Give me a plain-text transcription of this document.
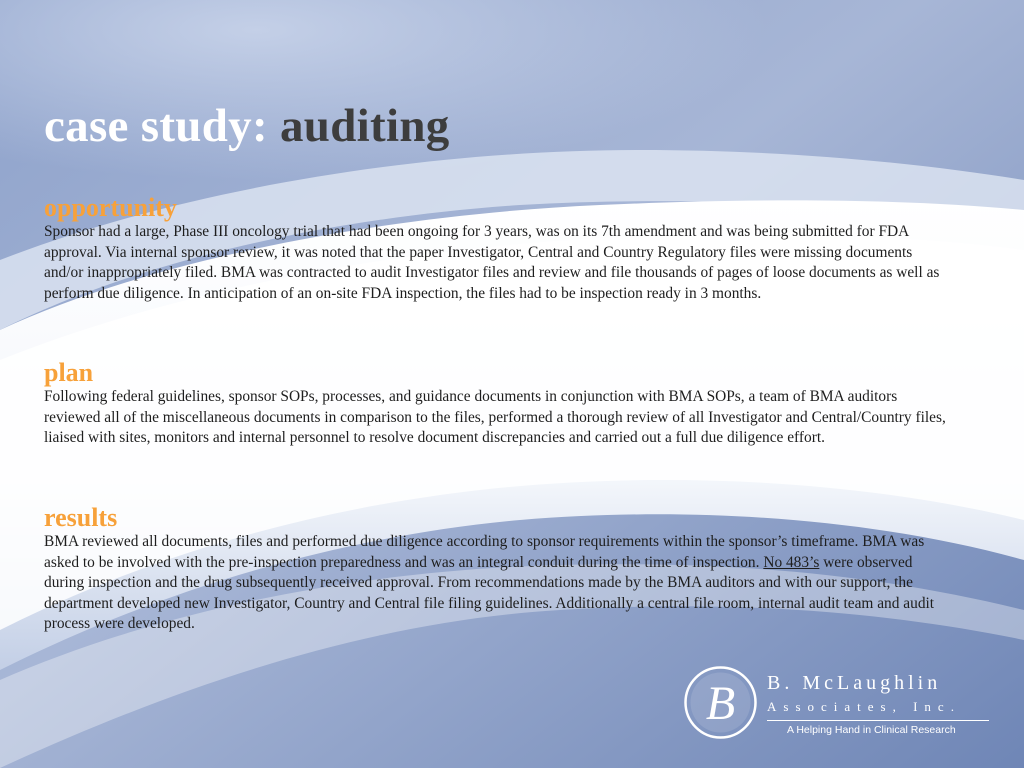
case study: auditing
opportunity

Sponsor had a large, Phase III oncology trial that had been ongoing for 3 years, was on its 7th amendment and was being submitted for FDA approval. Via internal sponsor review, it was noted that the paper Investigator, Central and Country Regulatory files were missing documents and/or inappropriately filed. BMA was contracted to audit Investigator files and review and file thousands of pages of loose documents as well as perform due diligence. In anticipation of an on-site FDA inspection, the files had to be inspection ready in 3 months.

plan

Following federal guidelines, sponsor SOPs, processes, and guidance documents in conjunction with BMA SOPs, a team of BMA auditors reviewed all of the miscellaneous documents in comparison to the files, performed a thorough review of all Investigator and Central/Country files, liaised with sites, monitors and internal personnel to resolve document discrepancies and carried out a full due diligence effort.

results

BMA reviewed all documents, files and performed due diligence according to sponsor requirements within the sponsor’s timeframe. BMA was asked to be involved with the pre-inspection preparedness and was an integral conduit during the time of inspection. No 483’s were observed during inspection and the drug subsequently received approval. From recommendations made by the BMA auditors and with our support, the department developed new Investigator, Country and Central file filing guidelines. Additionally a central file room, internal audit team and audit process were developed.

B B. McLaughlin
Associates, Inc.
A Helping Hand in Clinical Research
